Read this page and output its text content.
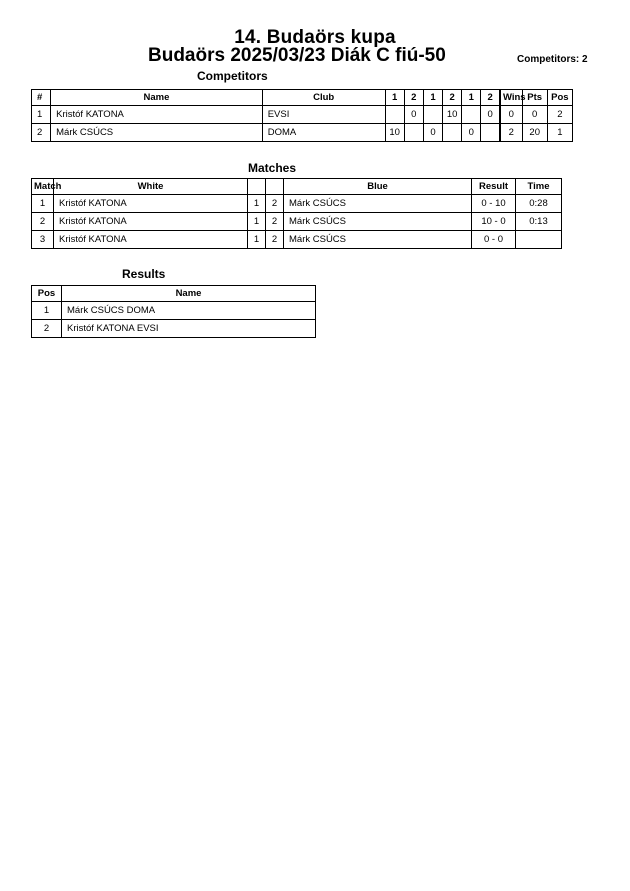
14. Budaörs kupa
Budaörs 2025/03/23 Diák C fiú-50	Competitors: 2
Competitors
#	Name	Club	1	2	1	2	1	2	Wins	Pts	Pos
1	Kristóf KATONA	EVSI		0		10		0	0	0	2
2	Márk CSÚCS	DOMA	10		0		0		2	20	1
Matches
Match	White			Blue	Result	Time
1	Kristóf KATONA	1	2	Márk CSÚCS	0 - 10	0:28
2	Kristóf KATONA	1	2	Márk CSÚCS	10 - 0	0:13
3	Kristóf KATONA	1	2	Márk CSÚCS	0 - 0	
Results
Pos	Name
1	Márk CSÚCS DOMA
2	Kristóf KATONA EVSI
